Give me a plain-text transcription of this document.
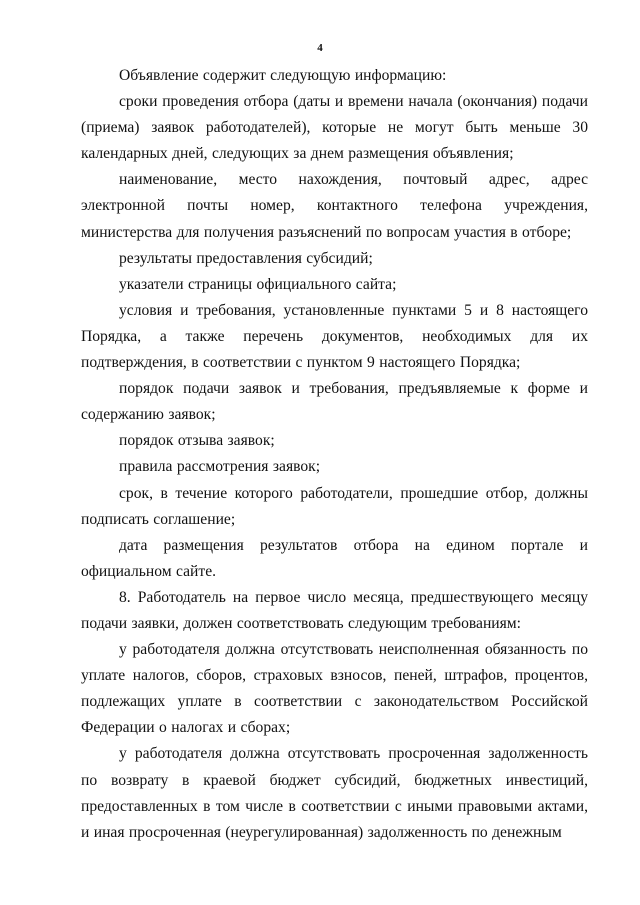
4

Объявление содержит следующую информацию:

сроки проведения отбора (даты и времени начала (окончания) подачи (приема) заявок работодателей), которые не могут быть меньше 30 календарных дней, следующих за днем размещения объявления;

наименование, место нахождения, почтовый адрес, адрес электронной почты номер, контактного телефона учреждения, министерства для получения разъяснений по вопросам участия в отборе;

результаты предоставления субсидий;

указатели страницы официального сайта;

условия и требования, установленные пунктами 5 и 8 настоящего Порядка, а также перечень документов, необходимых для их подтверждения, в соответствии с пунктом 9 настоящего Порядка;

порядок подачи заявок и требования, предъявляемые к форме и содержанию заявок;

порядок отзыва заявок;

правила рассмотрения заявок;

срок, в течение которого работодатели, прошедшие отбор, должны подписать соглашение;

дата размещения результатов отбора на едином портале и официальном сайте.

8. Работодатель на первое число месяца, предшествующего месяцу подачи заявки, должен соответствовать следующим требованиям:

у работодателя должна отсутствовать неисполненная обязанность по уплате налогов, сборов, страховых взносов, пеней, штрафов, процентов, подлежащих уплате в соответствии с законодательством Российской Федерации о налогах и сборах;

у работодателя должна отсутствовать просроченная задолженность по возврату в краевой бюджет субсидий, бюджетных инвестиций, предоставленных в том числе в соответствии с иными правовыми актами, и иная просроченная (неурегулированная) задолженность по денежным
